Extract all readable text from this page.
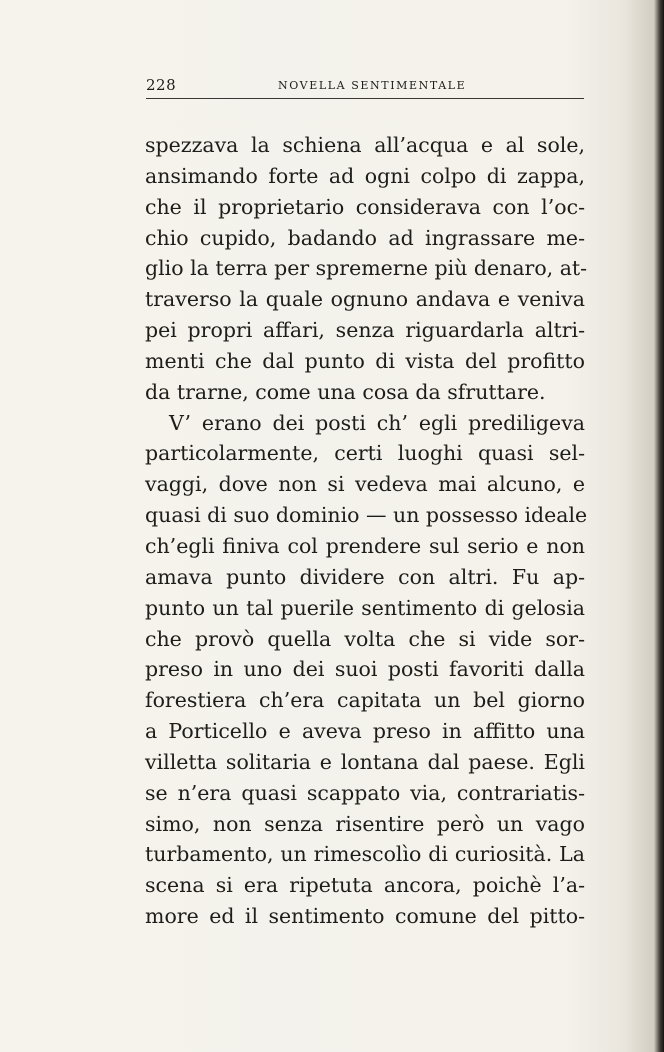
228	NOVELLA SENTIMENTALE
spezzava la schiena all’acqua e al sole,
ansimando forte ad ogni colpo di zappa,
che il proprietario considerava con l’oc-
chio cupido, badando ad ingrassare me-
glio la terra per spremerne più denaro, at-
traverso la quale ognuno andava e veniva
pei propri affari, senza riguardarla altri-
menti che dal punto di vista del profitto
da trarne, come una cosa da sfruttare.
V’ erano dei posti ch’ egli prediligeva
particolarmente, certi luoghi quasi sel-
vaggi, dove non si vedeva mai alcuno, e
quasi di suo dominio — un possesso ideale
ch’egli finiva col prendere sul serio e non
amava punto dividere con altri. Fu ap-
punto un tal puerile sentimento di gelosia
che provò quella volta che si vide sor-
preso in uno dei suoi posti favoriti dalla
forestiera ch’era capitata un bel giorno
a Porticello e aveva preso in affitto una
villetta solitaria e lontana dal paese. Egli
se n’era quasi scappato via, contrariatis-
simo, non senza risentire però un vago
turbamento, un rimescolìo di curiosità. La
scena si era ripetuta ancora, poichè l’a-
more ed il sentimento comune del pitto-
